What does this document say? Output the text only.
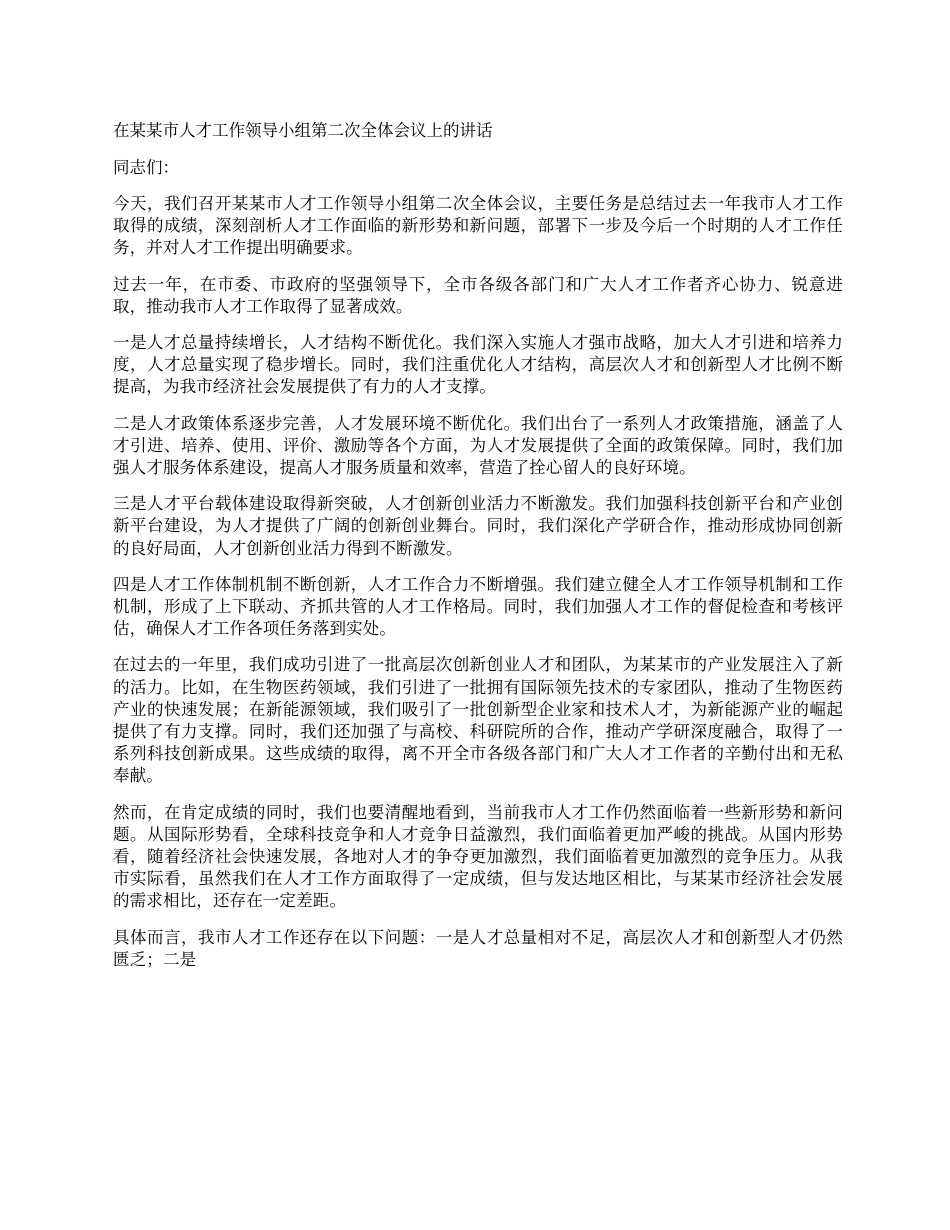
在某某市人才工作领导小组第二次全体会议上的讲话

同志们：

今天，我们召开某某市人才工作领导小组第二次全体会议，主要任务是总结过去一年我市人才工作取得的成绩，深刻剖析人才工作面临的新形势和新问题，部署下一步及今后一个时期的人才工作任务，并对人才工作提出明确要求。

过去一年，在市委、市政府的坚强领导下，全市各级各部门和广大人才工作者齐心协力、锐意进取，推动我市人才工作取得了显著成效。

一是人才总量持续增长，人才结构不断优化。我们深入实施人才强市战略，加大人才引进和培养力度，人才总量实现了稳步增长。同时，我们注重优化人才结构，高层次人才和创新型人才比例不断提高，为我市经济社会发展提供了有力的人才支撑。

二是人才政策体系逐步完善，人才发展环境不断优化。我们出台了一系列人才政策措施，涵盖了人才引进、培养、使用、评价、激励等各个方面，为人才发展提供了全面的政策保障。同时，我们加强人才服务体系建设，提高人才服务质量和效率，营造了拴心留人的良好环境。

三是人才平台载体建设取得新突破，人才创新创业活力不断激发。我们加强科技创新平台和产业创新平台建设，为人才提供了广阔的创新创业舞台。同时，我们深化产学研合作，推动形成协同创新的良好局面，人才创新创业活力得到不断激发。

四是人才工作体制机制不断创新，人才工作合力不断增强。我们建立健全人才工作领导机制和工作机制，形成了上下联动、齐抓共管的人才工作格局。同时，我们加强人才工作的督促检查和考核评估，确保人才工作各项任务落到实处。

在过去的一年里，我们成功引进了一批高层次创新创业人才和团队，为某某市的产业发展注入了新的活力。比如，在生物医药领域，我们引进了一批拥有国际领先技术的专家团队，推动了生物医药产业的快速发展；在新能源领域，我们吸引了一批创新型企业家和技术人才，为新能源产业的崛起提供了有力支撑。同时，我们还加强了与高校、科研院所的合作，推动产学研深度融合，取得了一系列科技创新成果。这些成绩的取得，离不开全市各级各部门和广大人才工作者的辛勤付出和无私奉献。

然而，在肯定成绩的同时，我们也要清醒地看到，当前我市人才工作仍然面临着一些新形势和新问题。从国际形势看，全球科技竞争和人才竞争日益激烈，我们面临着更加严峻的挑战。从国内形势看，随着经济社会快速发展，各地对人才的争夺更加激烈，我们面临着更加激烈的竞争压力。从我市实际看，虽然我们在人才工作方面取得了一定成绩，但与发达地区相比，与某某市经济社会发展的需求相比，还存在一定差距。

具体而言，我市人才工作还存在以下问题：一是人才总量相对不足，高层次人才和创新型人才仍然匮乏；二是
